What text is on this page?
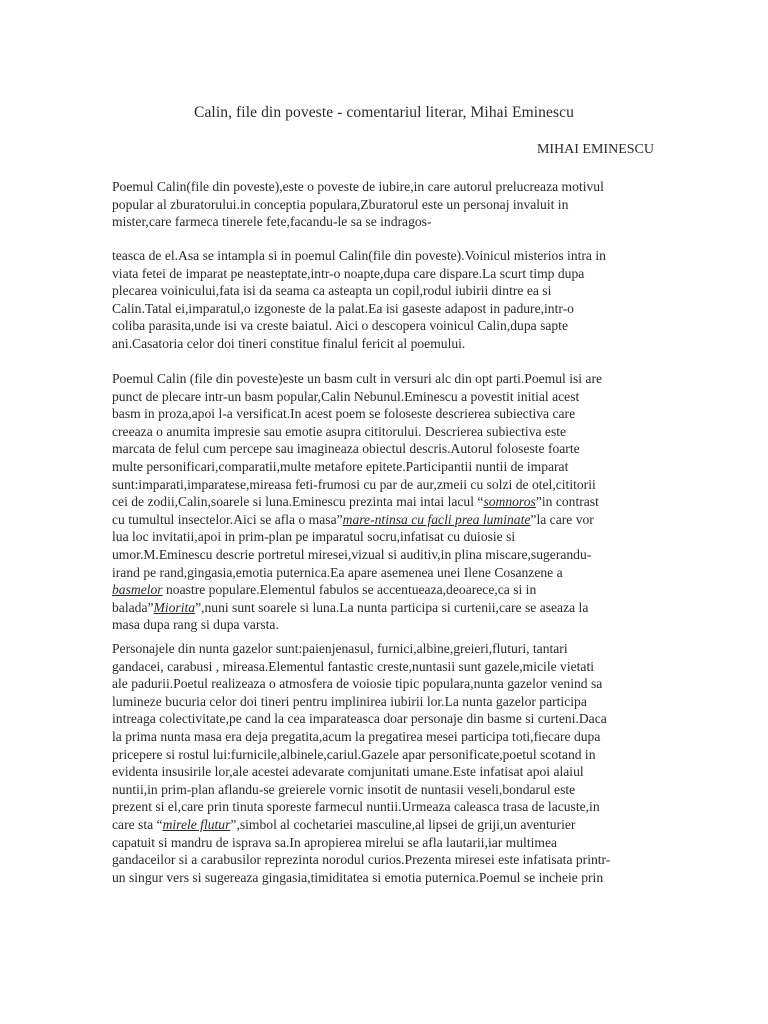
Calin, file din poveste - comentariul literar, Mihai Eminescu

MIHAI EMINESCU

Poemul Calin(file din poveste),este o poveste de iubire,in care autorul prelucreaza motivul
popular al zburatorului.in conceptia populara,Zburatorul este un personaj invaluit in
mister,care farmeca tinerele fete,facandu-le sa se indragos-

teasca de el.Asa se intampla si in poemul Calin(file din poveste).Voinicul misterios intra in
viata fetei de imparat pe neasteptate,intr-o noapte,dupa care dispare.La scurt timp dupa
plecarea voinicului,fata isi da seama ca asteapta un copil,rodul iubirii dintre ea si
Calin.Tatal ei,imparatul,o izgoneste de la palat.Ea isi gaseste adapost in padure,intr-o
coliba parasita,unde isi va creste baiatul. Aici o descopera voinicul Calin,dupa sapte
ani.Casatoria celor doi tineri constitue finalul fericit al poemului.

Poemul Calin (file din poveste)este un basm cult in versuri alc din opt parti.Poemul isi are
punct de plecare intr-un basm popular,Calin Nebunul.Eminescu a povestit initial acest
basm in proza,apoi l-a versificat.In acest poem se foloseste descrierea subiectiva care
creeaza o anumita impresie sau emotie asupra cititorului. Descrierea subiectiva este
marcata de felul cum percepe sau imagineaza obiectul descris.Autorul foloseste foarte
multe personificari,comparatii,multe metafore epitete.Participantii nuntii de imparat
sunt:imparati,imparatese,mireasa feti-frumosi cu par de aur,zmeii cu solzi de otel,cititorii
cei de zodii,Calin,soarele si luna.Eminescu prezinta mai intai lacul “somnoros”in contrast
cu tumultul insectelor.Aici se afla o masa”mare-ntinsa cu facli prea luminate”la care vor
lua loc invitatii,apoi in prim-plan pe imparatul socru,infatisat cu duiosie si
umor.M.Eminescu descrie portretul miresei,vizual si auditiv,in plina miscare,sugerandu-
irand pe rand,gingasia,emotia puternica.Ea apare asemenea unei Ilene Cosanzene a
basmelor noastre populare.Elementul fabulos se accentueaza,deoarece,ca si in
balada”Miorita”,nuni sunt soarele si luna.La nunta participa si curtenii,care se aseaza la
masa dupa rang si dupa varsta.

Personajele din nunta gazelor sunt:paienjenasul, furnici,albine,greieri,fluturi, tantari
gandacei, carabusi , mireasa.Elementul fantastic creste,nuntasii sunt gazele,micile vietati
ale padurii.Poetul realizeaza o atmosfera de voiosie tipic populara,nunta gazelor venind sa
lumineze bucuria celor doi tineri pentru implinirea iubirii lor.La nunta gazelor participa
intreaga colectivitate,pe cand la cea imparateasca doar personaje din basme si curteni.Daca
la prima nunta masa era deja pregatita,acum la pregatirea mesei participa toti,fiecare dupa
pricepere si rostul lui:furnicile,albinele,cariul.Gazele apar personificate,poetul scotand in
evidenta insusirile lor,ale acestei adevarate comjunitati umane.Este infatisat apoi alaiul
nuntii,in prim-plan aflandu-se greierele vornic insotit de nuntasii veseli,bondarul este
prezent si el,care prin tinuta sporeste farmecul nuntii.Urmeaza caleasca trasa de lacuste,in
care sta “mirele flutur”,simbol al cochetariei masculine,al lipsei de griji,un aventurier
capatuit si mandru de isprava sa.In apropierea mirelui se afla lautarii,iar multimea
gandaceilor si a carabusilor reprezinta norodul curios.Prezenta miresei este infatisata printr-
un singur vers si sugereaza gingasia,timiditatea si emotia puternica.Poemul se incheie prin
